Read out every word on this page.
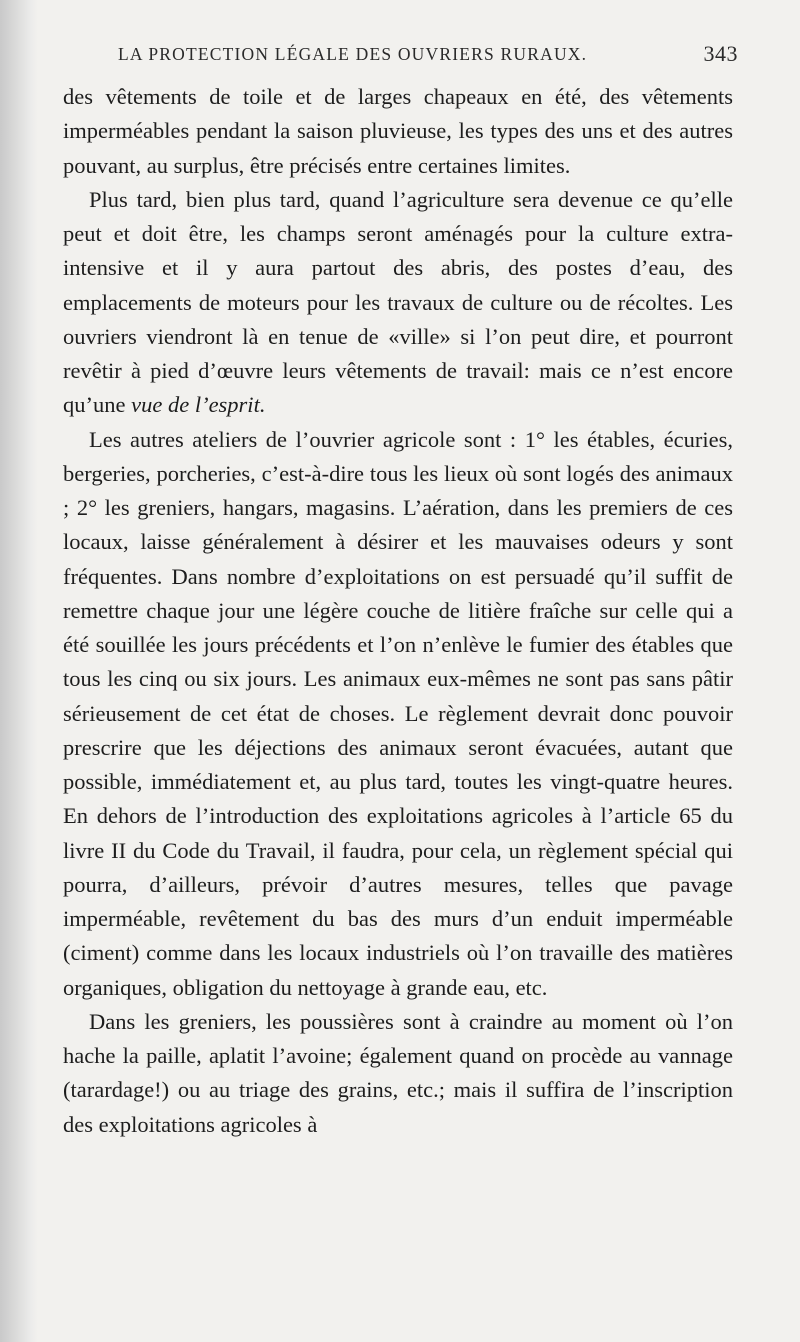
LA PROTECTION LÉGALE DES OUVRIERS RURAUX.	343

des vêtements de toile et de larges chapeaux en été, des vêtements imperméables pendant la saison pluvieuse, les types des uns et des autres pouvant, au surplus, être précisés entre certaines limites.

Plus tard, bien plus tard, quand l’agriculture sera devenue ce qu’elle peut et doit être, les champs seront aménagés pour la culture extra-intensive et il y aura partout des abris, des postes d’eau, des emplacements de moteurs pour les travaux de culture ou de récoltes. Les ouvriers viendront là en tenue de «ville» si l’on peut dire, et pourront revêtir à pied d’œuvre leurs vêtements de travail: mais ce n’est encore qu’une vue de l’esprit.

Les autres ateliers de l’ouvrier agricole sont : 1° les étables, écuries, bergeries, porcheries, c’est-à-dire tous les lieux où sont logés des animaux ; 2° les greniers, hangars, magasins. L’aération, dans les premiers de ces locaux, laisse généralement à désirer et les mauvaises odeurs y sont fréquentes. Dans nombre d’exploitations on est persuadé qu’il suffit de remettre chaque jour une légère couche de litière fraîche sur celle qui a été souillée les jours précédents et l’on n’enlève le fumier des étables que tous les cinq ou six jours. Les animaux eux-mêmes ne sont pas sans pâtir sérieusement de cet état de choses. Le règlement devrait donc pouvoir prescrire que les déjections des animaux seront évacuées, autant que possible, immédiatement et, au plus tard, toutes les vingt-quatre heures. En dehors de l’introduction des exploitations agricoles à l’article 65 du livre II du Code du Travail, il faudra, pour cela, un règlement spécial qui pourra, d’ailleurs, prévoir d’autres mesures, telles que pavage imperméable, revêtement du bas des murs d’un enduit imperméable (ciment) comme dans les locaux industriels où l’on travaille des matières organiques, obligation du nettoyage à grande eau, etc.

Dans les greniers, les poussières sont à craindre au moment où l’on hache la paille, aplatit l’avoine; également quand on procède au vannage (tarardage!) ou au triage des grains, etc.; mais il suffira de l’inscription des exploitations agricoles à
